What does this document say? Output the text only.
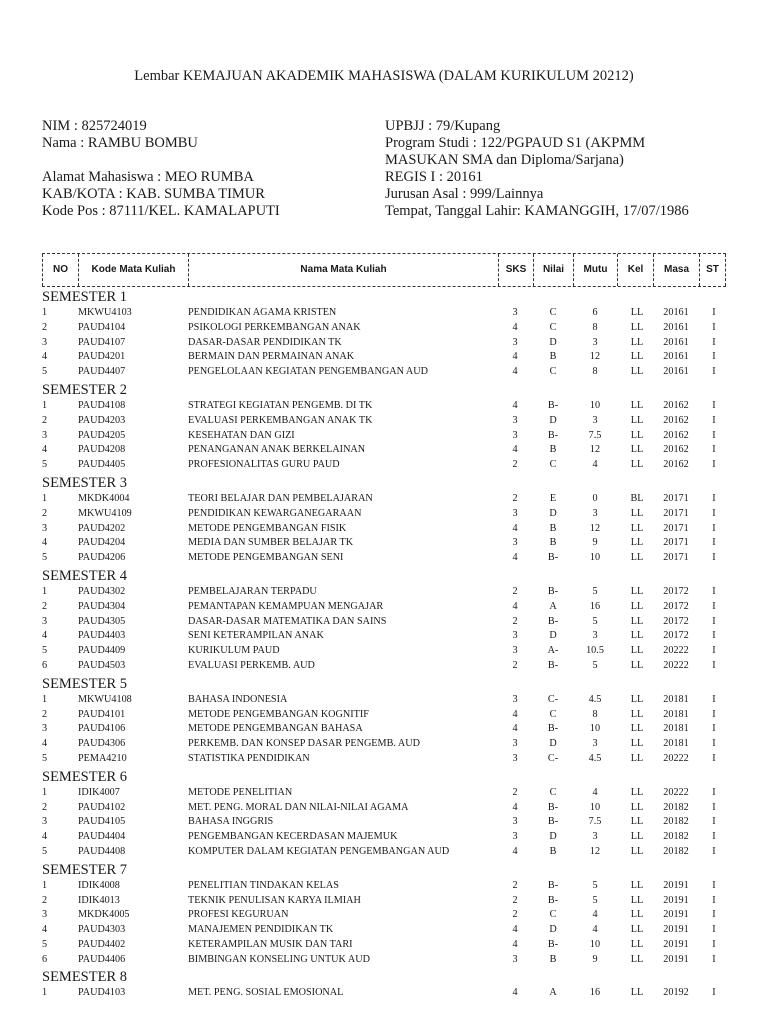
Lembar KEMAJUAN AKADEMIK MAHASISWA (DALAM KURIKULUM 20212)
NIM : 825724019
Nama : RAMBU BOMBU
Alamat Mahasiswa : MEO RUMBA
KAB/KOTA : KAB. SUMBA TIMUR
Kode Pos : 87111/KEL. KAMALAPUTI
UPBJJ : 79/Kupang
Program Studi : 122/PGPAUD S1 (AKPMM
MASUKAN SMA dan Diploma/Sarjana)
REGIS I : 20161
Jurusan Asal : 999/Lainnya
Tempat, Tanggal Lahir: KAMANGGIH, 17/07/1986
NO	Kode Mata Kuliah	Nama Mata Kuliah	SKS	Nilai	Mutu	Kel	Masa	ST
SEMESTER 1
1	MKWU4103	PENDIDIKAN AGAMA KRISTEN	3	C	6	LL	20161	I
2	PAUD4104	PSIKOLOGI PERKEMBANGAN ANAK	4	C	8	LL	20161	I
3	PAUD4107	DASAR-DASAR PENDIDIKAN TK	3	D	3	LL	20161	I
4	PAUD4201	BERMAIN DAN PERMAINAN ANAK	4	B	12	LL	20161	I
5	PAUD4407	PENGELOLAAN KEGIATAN PENGEMBANGAN AUD	4	C	8	LL	20161	I
SEMESTER 2
1	PAUD4108	STRATEGI KEGIATAN PENGEMB. DI TK	4	B-	10	LL	20162	I
2	PAUD4203	EVALUASI PERKEMBANGAN ANAK TK	3	D	3	LL	20162	I
3	PAUD4205	KESEHATAN DAN GIZI	3	B-	7.5	LL	20162	I
4	PAUD4208	PENANGANAN ANAK BERKELAINAN	4	B	12	LL	20162	I
5	PAUD4405	PROFESIONALITAS GURU PAUD	2	C	4	LL	20162	I
SEMESTER 3
1	MKDK4004	TEORI BELAJAR DAN PEMBELAJARAN	2	E	0	BL	20171	I
2	MKWU4109	PENDIDIKAN KEWARGANEGARAAN	3	D	3	LL	20171	I
3	PAUD4202	METODE PENGEMBANGAN FISIK	4	B	12	LL	20171	I
4	PAUD4204	MEDIA DAN SUMBER BELAJAR TK	3	B	9	LL	20171	I
5	PAUD4206	METODE PENGEMBANGAN SENI	4	B-	10	LL	20171	I
SEMESTER 4
1	PAUD4302	PEMBELAJARAN TERPADU	2	B-	5	LL	20172	I
2	PAUD4304	PEMANTAPAN KEMAMPUAN MENGAJAR	4	A	16	LL	20172	I
3	PAUD4305	DASAR-DASAR MATEMATIKA DAN SAINS	2	B-	5	LL	20172	I
4	PAUD4403	SENI KETERAMPILAN ANAK	3	D	3	LL	20172	I
5	PAUD4409	KURIKULUM PAUD	3	A-	10.5	LL	20222	I
6	PAUD4503	EVALUASI PERKEMB. AUD	2	B-	5	LL	20222	I
SEMESTER 5
1	MKWU4108	BAHASA INDONESIA	3	C-	4.5	LL	20181	I
2	PAUD4101	METODE PENGEMBANGAN KOGNITIF	4	C	8	LL	20181	I
3	PAUD4106	METODE PENGEMBANGAN BAHASA	4	B-	10	LL	20181	I
4	PAUD4306	PERKEMB. DAN KONSEP DASAR PENGEMB. AUD	3	D	3	LL	20181	I
5	PEMA4210	STATISTIKA PENDIDIKAN	3	C-	4.5	LL	20222	I
SEMESTER 6
1	IDIK4007	METODE PENELITIAN	2	C	4	LL	20222	I
2	PAUD4102	MET. PENG. MORAL DAN NILAI-NILAI AGAMA	4	B-	10	LL	20182	I
3	PAUD4105	BAHASA INGGRIS	3	B-	7.5	LL	20182	I
4	PAUD4404	PENGEMBANGAN KECERDASAN MAJEMUK	3	D	3	LL	20182	I
5	PAUD4408	KOMPUTER DALAM KEGIATAN PENGEMBANGAN AUD	4	B	12	LL	20182	I
SEMESTER 7
1	IDIK4008	PENELITIAN TINDAKAN KELAS	2	B-	5	LL	20191	I
2	IDIK4013	TEKNIK PENULISAN KARYA ILMIAH	2	B-	5	LL	20191	I
3	MKDK4005	PROFESI KEGURUAN	2	C	4	LL	20191	I
4	PAUD4303	MANAJEMEN PENDIDIKAN TK	4	D	4	LL	20191	I
5	PAUD4402	KETERAMPILAN MUSIK DAN TARI	4	B-	10	LL	20191	I
6	PAUD4406	BIMBINGAN KONSELING UNTUK AUD	3	B	9	LL	20191	I
SEMESTER 8
1	PAUD4103	MET. PENG. SOSIAL EMOSIONAL	4	A	16	LL	20192	I
